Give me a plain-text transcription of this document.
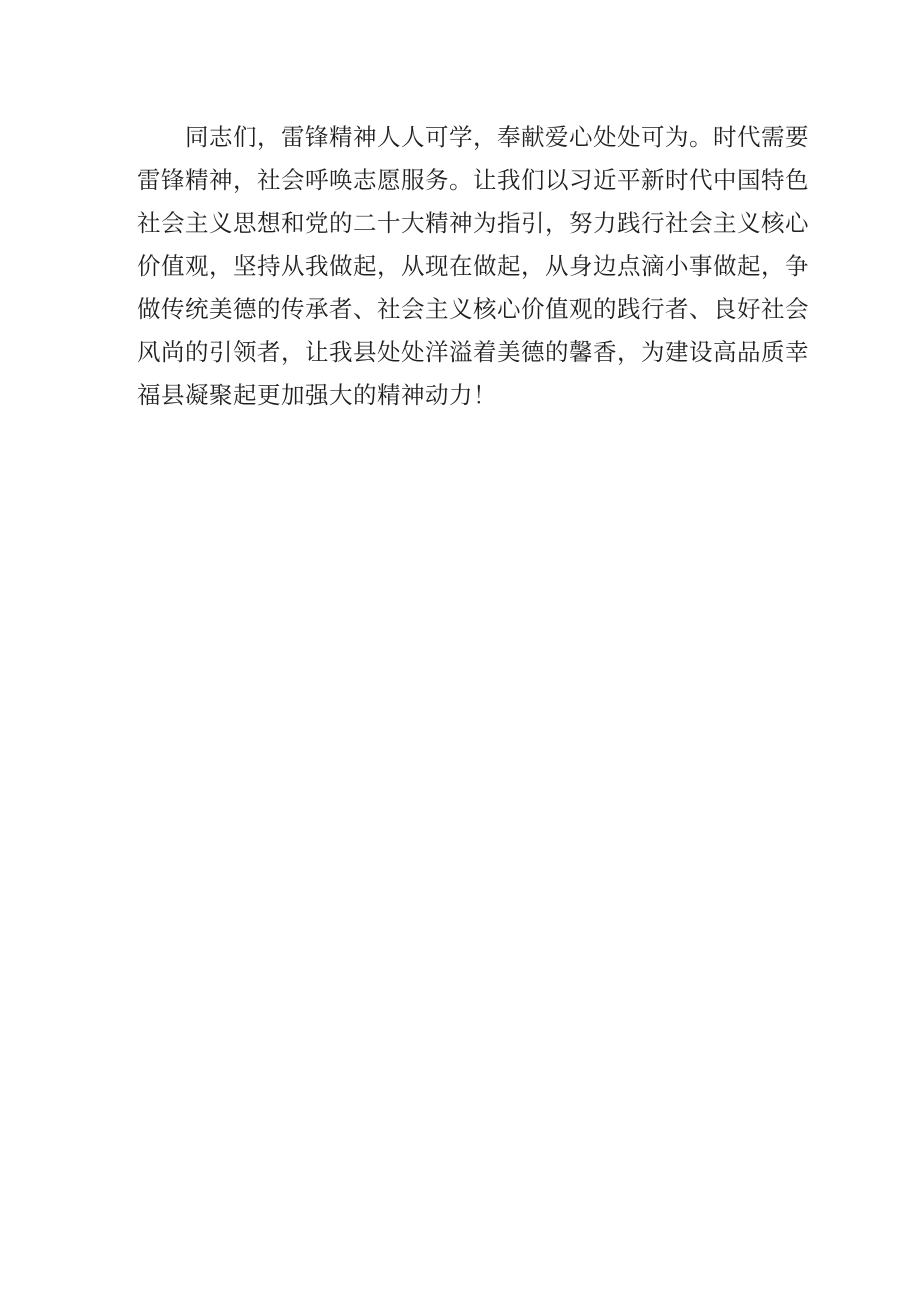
同志们，雷锋精神人人可学，奉献爱心处处可为。时代需要
雷锋精神，社会呼唤志愿服务。让我们以习近平新时代中国特色
社会主义思想和党的二十大精神为指引，努力践行社会主义核心
价值观，坚持从我做起，从现在做起，从身边点滴小事做起，争
做传统美德的传承者、社会主义核心价值观的践行者、良好社会
风尚的引领者，让我县处处洋溢着美德的馨香，为建设高品质幸
福县凝聚起更加强大的精神动力！
